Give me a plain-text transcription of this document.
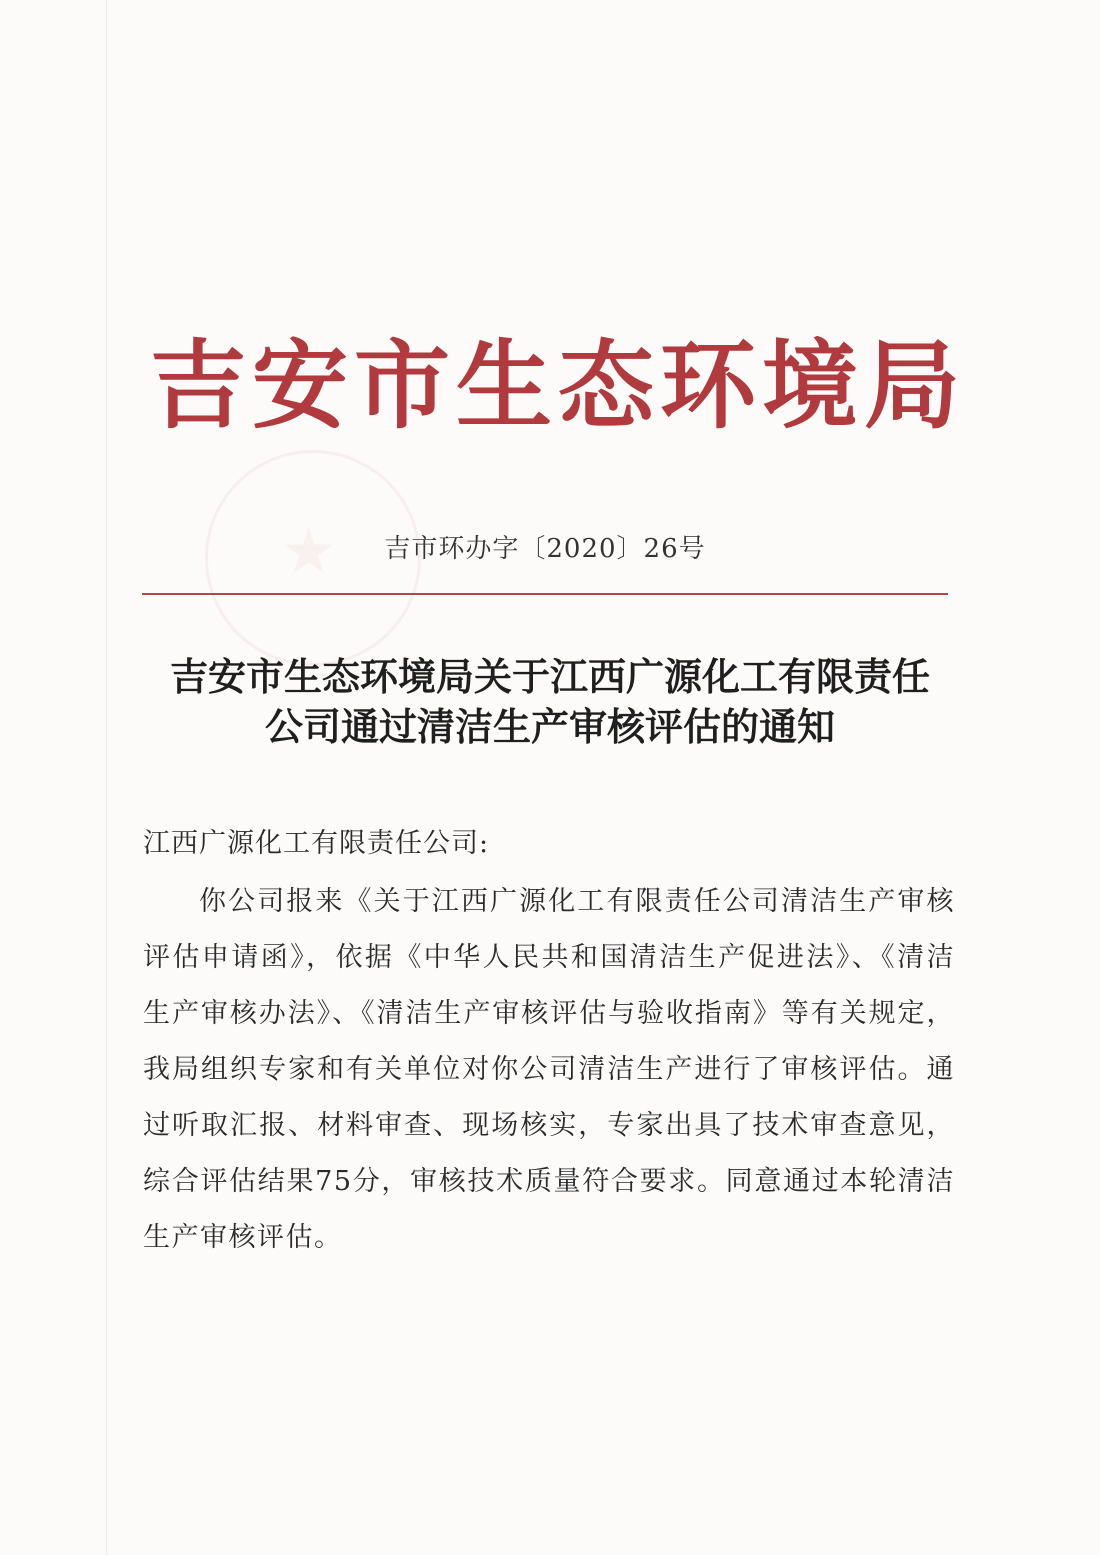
★
吉安市生态环境局
吉市环办字〔2020〕26号
吉安市生态环境局关于江西广源化工有限责任
公司通过清洁生产审核评估的通知
江西广源化工有限责任公司:
你公司报来《关于江西广源化工有限责任公司清洁生产审核评估申请函》，依据《中华人民共和国清洁生产促进法》、《清洁生产审核办法》、《清洁生产审核评估与验收指南》等有关规定，我局组织专家和有关单位对你公司清洁生产进行了审核评估。通过听取汇报、材料审查、现场核实，专家出具了技术审查意见，综合评估结果75分，审核技术质量符合要求。同意通过本轮清洁生产审核评估。
